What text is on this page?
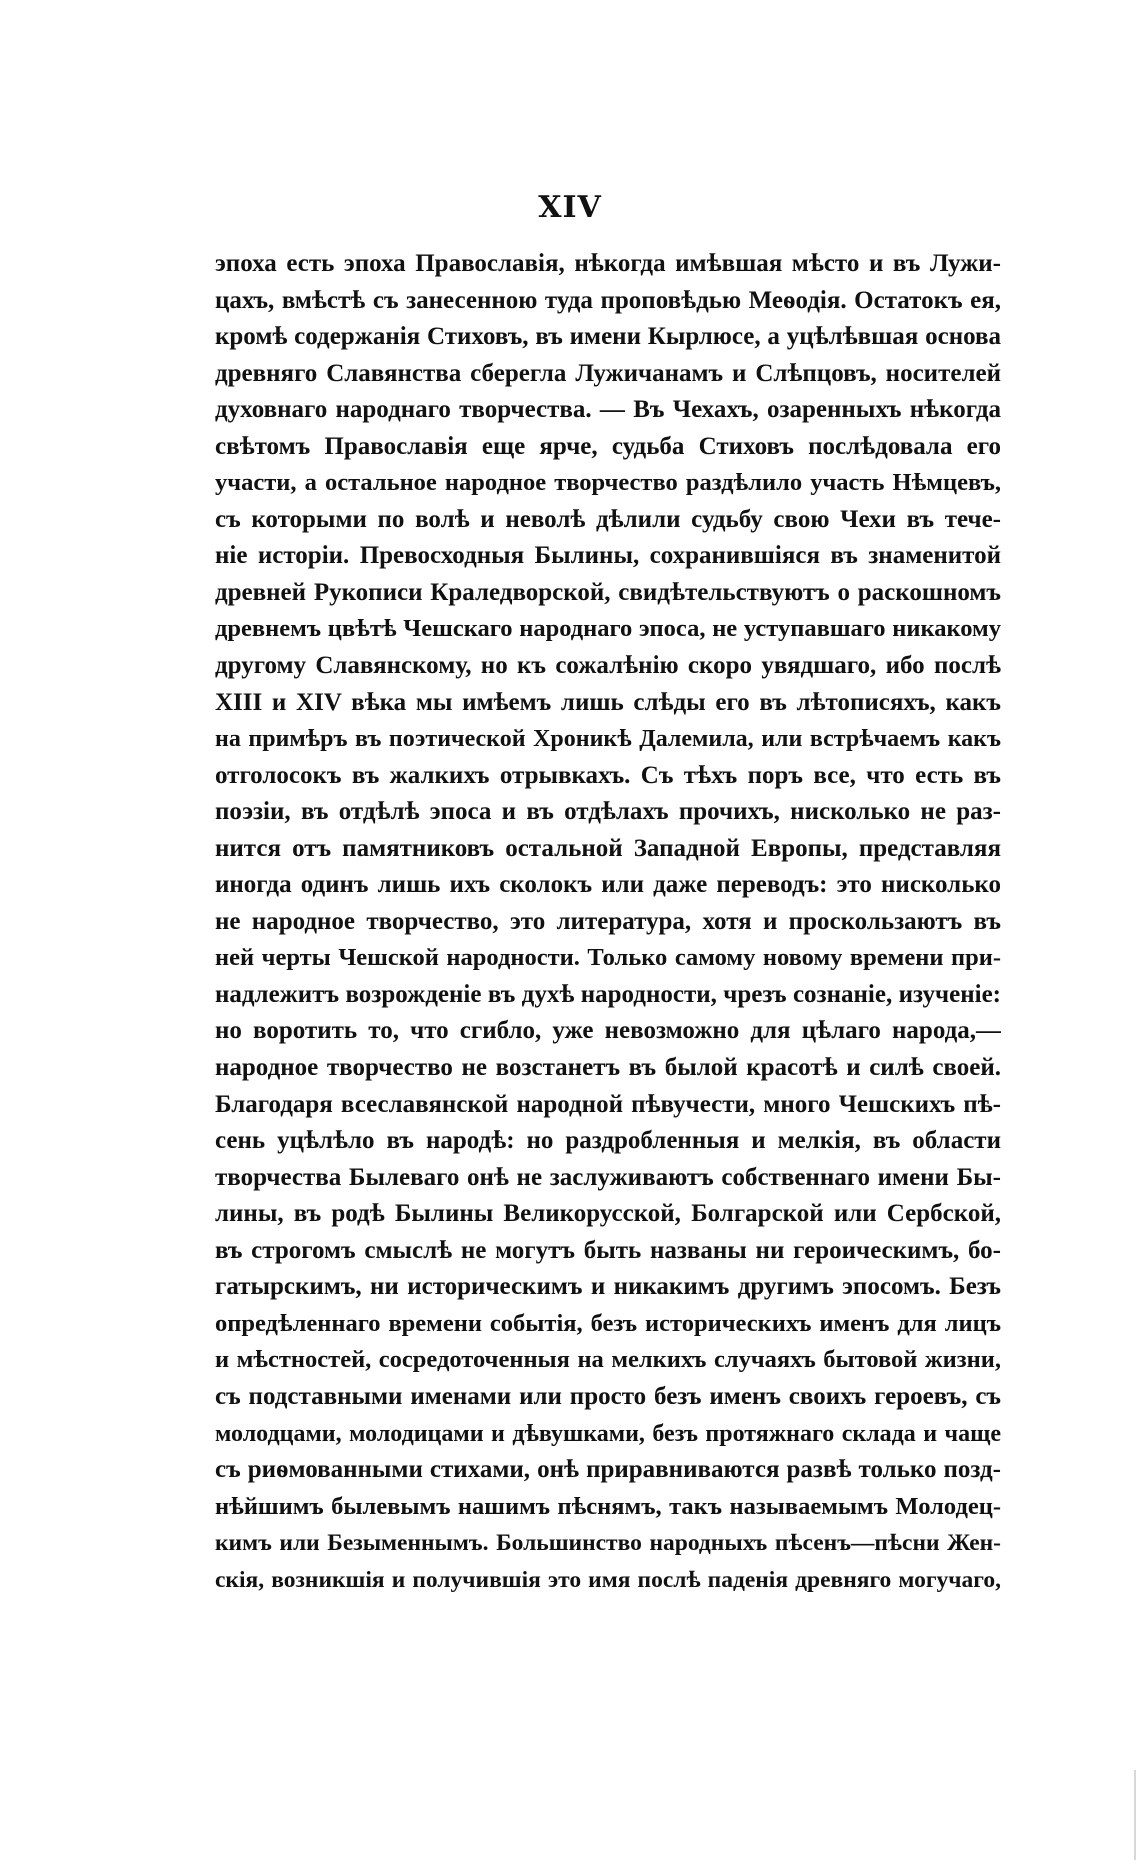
XIV
эпоха есть эпоха Православія, нѣкогда имѣвшая мѣсто и въ Лужи-
цахъ, вмѣстѣ съ занесенною туда проповѣдью Меѳодія. Остатокъ ея,
кромѣ содержанія Стиховъ, въ имени Кырлюсе, а уцѣлѣвшая основа
древняго Славянства сберегла Лужичанамъ и Слѣпцовъ, носителей
духовнаго народнаго творчества. — Въ Чехахъ, озаренныхъ нѣкогда
свѣтомъ Православія еще ярче, судьба Стиховъ послѣдовала его
участи, а остальное народное творчество раздѣлило участь Нѣмцевъ,
съ которыми по волѣ и неволѣ дѣлили судьбу свою Чехи въ тече-
ніе исторіи. Превосходныя Былины, сохранившіяся въ знаменитой
древней Рукописи Краледворской, свидѣтельствуютъ о раскошномъ
древнемъ цвѣтѣ Чешскаго народнаго эпоса, не уступавшаго никакому
другому Славянскому, но къ сожалѣнію скоро увядшаго, ибо послѣ
XIII и XIV вѣка мы имѣемъ лишь слѣды его въ лѣтописяхъ, какъ
на примѣръ въ поэтической Хроникѣ Далемила, или встрѣчаемъ какъ
отголосокъ въ жалкихъ отрывкахъ. Съ тѣхъ поръ все, что есть въ
поэзіи, въ отдѣлѣ эпоса и въ отдѣлахъ прочихъ, нисколько не раз-
нится отъ памятниковъ остальной Западной Европы, представляя
иногда одинъ лишь ихъ сколокъ или даже переводъ: это нисколько
не народное творчество, это литература, хотя и проскользаютъ въ
ней черты Чешской народности. Только самому новому времени при-
надлежитъ возрожденіе въ духѣ народности, чрезъ сознаніе, изученіе:
но воротить то, что сгибло, уже невозможно для цѣлаго народа,—
народное творчество не возстанетъ въ былой красотѣ и силѣ своей.
Благодаря всеславянской народной пѣвучести, много Чешскихъ пѣ-
сень уцѣлѣло въ народѣ: но раздробленныя и мелкія, въ области
творчества Былеваго онѣ не заслуживаютъ собственнаго имени Бы-
лины, въ родѣ Былины Великорусской, Болгарской или Сербской,
въ строгомъ смыслѣ не могутъ быть названы ни героическимъ, бо-
гатырскимъ, ни историческимъ и никакимъ другимъ эпосомъ. Безъ
опредѣленнаго времени событія, безъ историческихъ именъ для лицъ
и мѣстностей, сосредоточенныя на мелкихъ случаяхъ бытовой жизни,
съ подставными именами или просто безъ именъ своихъ героевъ, съ
молодцами, молодицами и дѣвушками, безъ протяжнаго склада и чаще
съ риѳмованными стихами, онѣ приравниваются развѣ только позд-
нѣйшимъ былевымъ нашимъ пѣснямъ, такъ называемымъ Молодец-
кимъ или Безыменнымъ. Большинство народныхъ пѣсенъ—пѣсни Жен-
скія, возникшія и получившія это имя послѣ паденія древняго могучаго,
